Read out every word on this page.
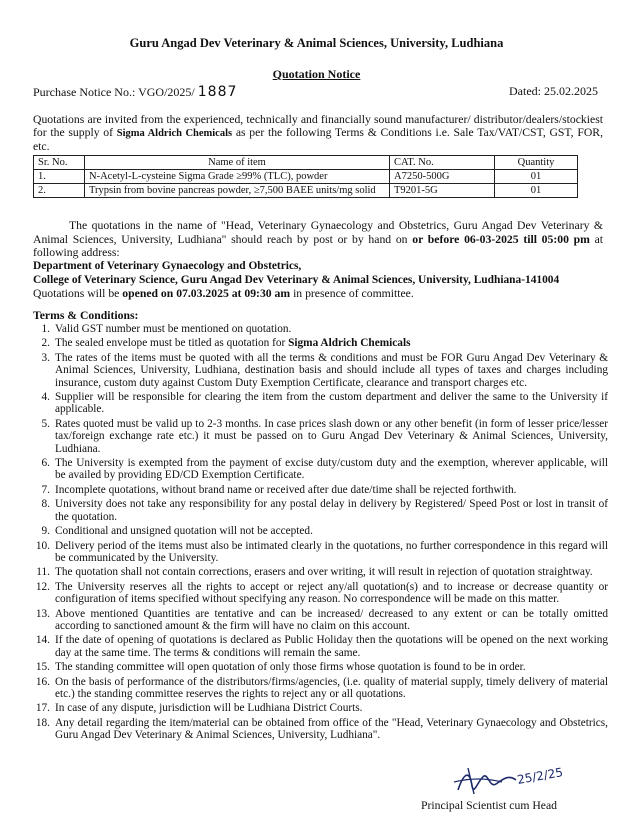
Guru Angad Dev Veterinary & Animal Sciences, University, Ludhiana
Quotation Notice
Purchase Notice No.: VGO/2025/ 1887	Dated: 25.02.2025
Quotations are invited from the experienced, technically and financially sound manufacturer/ distributor/dealers/stockiest for the supply of Sigma Aldrich Chemicals as per the following Terms & Conditions i.e. Sale Tax/VAT/CST, GST, FOR, etc.
Sr. No.	Name of item	CAT. No.	Quantity
1.	N-Acetyl-L-cysteine Sigma Grade ≥99% (TLC), powder	A7250-500G	01
2.	Trypsin from bovine pancreas powder, ≥7,500 BAEE units/mg solid	T9201-5G	01
The quotations in the name of "Head, Veterinary Gynaecology and Obstetrics, Guru Angad Dev Veterinary & Animal Sciences, University, Ludhiana" should reach by post or by hand on or before 06-03-2025 till 05:00 pm at following address:
Department of Veterinary Gynaecology and Obstetrics,
College of Veterinary Science, Guru Angad Dev Veterinary & Animal Sciences, University, Ludhiana-141004
Quotations will be opened on 07.03.2025 at 09:30 am in presence of committee.
Terms & Conditions:
1. Valid GST number must be mentioned on quotation.
2. The sealed envelope must be titled as quotation for Sigma Aldrich Chemicals
3. The rates of the items must be quoted with all the terms & conditions and must be FOR Guru Angad Dev Veterinary & Animal Sciences, University, Ludhiana, destination basis and should include all types of taxes and charges including insurance, custom duty against Custom Duty Exemption Certificate, clearance and transport charges etc.
4. Supplier will be responsible for clearing the item from the custom department and deliver the same to the University if applicable.
5. Rates quoted must be valid up to 2-3 months. In case prices slash down or any other benefit (in form of lesser price/lesser tax/foreign exchange rate etc.) it must be passed on to Guru Angad Dev Veterinary & Animal Sciences, University, Ludhiana.
6. The University is exempted from the payment of excise duty/custom duty and the exemption, wherever applicable, will be availed by providing ED/CD Exemption Certificate.
7. Incomplete quotations, without brand name or received after due date/time shall be rejected forthwith.
8. University does not take any responsibility for any postal delay in delivery by Registered/ Speed Post or lost in transit of the quotation.
9. Conditional and unsigned quotation will not be accepted.
10. Delivery period of the items must also be intimated clearly in the quotations, no further correspondence in this regard will be communicated by the University.
11. The quotation shall not contain corrections, erasers and over writing, it will result in rejection of quotation straightway.
12. The University reserves all the rights to accept or reject any/all quotation(s) and to increase or decrease quantity or configuration of items specified without specifying any reason. No correspondence will be made on this matter.
13. Above mentioned Quantities are tentative and can be increased/ decreased to any extent or can be totally omitted according to sanctioned amount & the firm will have no claim on this account.
14. If the date of opening of quotations is declared as Public Holiday then the quotations will be opened on the next working day at the same time. The terms & conditions will remain the same.
15. The standing committee will open quotation of only those firms whose quotation is found to be in order.
16. On the basis of performance of the distributors/firms/agencies, (i.e. quality of material supply, timely delivery of material etc.) the standing committee reserves the rights to reject any or all quotations.
17. In case of any dispute, jurisdiction will be Ludhiana District Courts.
18. Any detail regarding the item/material can be obtained from office of the "Head, Veterinary Gynaecology and Obstetrics, Guru Angad Dev Veterinary & Animal Sciences, University, Ludhiana".
25/2/25
Principal Scientist cum Head
